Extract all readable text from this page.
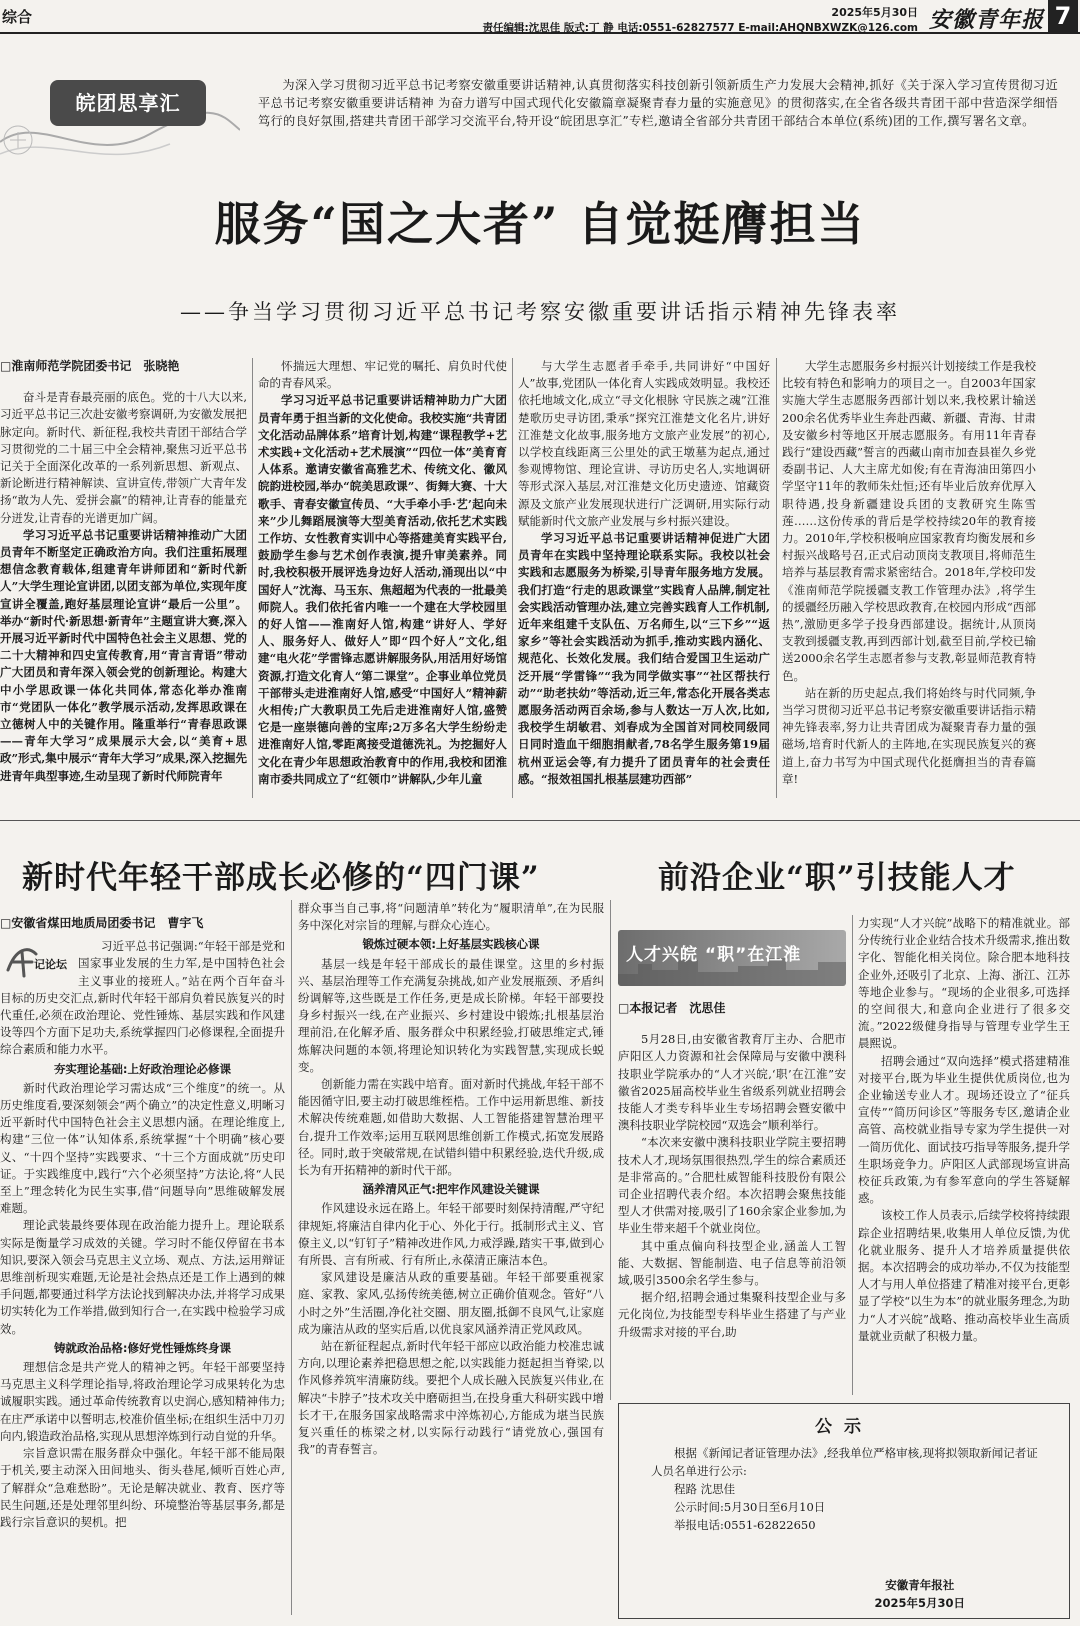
综合	2025年5月30日
责任编辑:沈思佳 版式:丁 静 电话:0551-62827577 E-mail:AHQNBXWZK@126.com 安徽青年报 7
皖团思享汇

为深入学习贯彻习近平总书记考察安徽重要讲话精神,认真贯彻落实科技创新引领新质生产力发展大会精神,抓好《关于深入学习宣传贯彻习近平总书记考察安徽重要讲话精神 为奋力谱写中国式现代化安徽篇章凝聚青春力量的实施意见》的贯彻落实,在全省各级共青团干部中营造深学细悟笃行的良好氛围,搭建共青团干部学习交流平台,特开设“皖团思享汇”专栏,邀请全省部分共青团干部结合本单位(系统)团的工作,撰写署名文章。

服务“国之大者” 自觉挺膺担当
——争当学习贯彻习近平总书记考察安徽重要讲话指示精神先锋表率

□淮南师范学院团委书记　张晓艳

奋斗是青春最亮丽的底色。党的十八大以来,习近平总书记三次赴安徽考察调研,为安徽发展把脉定向。新时代、新征程,我校共青团干部结合学习贯彻党的二十届三中全会精神,聚焦习近平总书记关于全面深化改革的一系列新思想、新观点、新论断进行精神解读、宣讲宣传,带领广大青年发扬“敢为人先、爱拼会赢”的精神,让青春的能量充分迸发,让青春的光谱更加广阔。

学习习近平总书记重要讲话精神推动广大团员青年不断坚定正确政治方向。我们注重拓展理想信念教育载体,组建青年讲师团和“新时代新人”大学生理论宣讲团,以团支部为单位,实现年度宣讲全覆盖,跑好基层理论宣讲“最后一公里”。举办“新时代·新思想·新青年”主题宣讲大赛,深入开展习近平新时代中国特色社会主义思想、党的二十大精神和四史宣传教育,用“青言青语”带动广大团员和青年深入领会党的创新理论。构建大中小学思政课一体化共同体,常态化举办淮南市“党团队一体化”教学展示活动,发挥思政课在立德树人中的关键作用。隆重举行“青春思政课——青年大学习”成果展示大会,以“美育+思政”形式,集中展示“青年大学习”成果,深入挖掘先进青年典型事迹,生动呈现了新时代师院青年

怀揣远大理想、牢记党的嘱托、肩负时代使命的青春风采。

学习习近平总书记重要讲话精神助力广大团员青年勇于担当新的文化使命。我校实施“共青团文化活动品牌体系”培育计划,构建“课程教学+艺术实践+文化活动+艺术展演”“四位一体”美育育人体系。邀请安徽省高雅艺术、传统文化、徽风皖韵进校园,举办“皖美思政课”、街舞大赛、十大歌手、青春安徽宣传员、“大手牵小手·艺’起向未来”少儿舞蹈展演等大型美育活动,依托艺术实践工作坊、女性教育实训中心等搭建美育实践平台,鼓励学生参与艺术创作表演,提升审美素养。同时,我校积极开展评选身边好人活动,涌现出以“中国好人”沈海、马玉东、焦超超为代表的一批最美师院人。我们依托省内唯一一个建在大学校园里的好人馆——淮南好人馆,构建“讲好人、学好人、服务好人、做好人”即“四个好人”文化,组建“电火花”学雷锋志愿讲解服务队,用活用好场馆资源,打造文化育人“第二课堂”。企事业单位党员干部带头走进淮南好人馆,感受“中国好人”精神薪火相传;广大教职员工先后走进淮南好人馆,盛赞它是一座崇德向善的宝库;2万多名大学生纷纷走进淮南好人馆,零距离接受道德洗礼。为挖掘好人文化在青少年思想政治教育中的作用,我校和团淮南市委共同成立了“红领巾”讲解队,少年儿童

与大学生志愿者手牵手,共同讲好“中国好人”故事,党团队一体化育人实践成效明显。我校还依托地域文化,成立“寻文化根脉 守民族之魂”江淮楚歌历史寻访团,秉承“探究江淮楚文化名片,讲好江淮楚文化故事,服务地方文旅产业发展”的初心,以学校直线距离三公里处的武王墩墓为起点,通过参观博物馆、理论宣讲、寻访历史名人,实地调研等形式深入基层,对江淮楚文化历史遗迹、馆藏资源及文旅产业发展现状进行广泛调研,用实际行动赋能新时代文旅产业发展与乡村振兴建设。

学习习近平总书记重要讲话精神促进广大团员青年在实践中坚持理论联系实际。我校以社会实践和志愿服务为桥梁,引导青年服务地方发展。我们打造“行走的思政课堂”实践育人品牌,制定社会实践活动管理办法,建立完善实践育人工作机制,近年来组建千支队伍、万名师生,以“三下乡”“返家乡”等社会实践活动为抓手,推动实践内涵化、规范化、长效化发展。我们结合爱国卫生运动广泛开展“学雷锋”“我为同学做实事”“社区帮扶行动”“助老扶幼”等活动,近三年,常态化开展各类志愿服务活动两百余场,参与人数达一万人次,比如,我校学生胡敏君、刘春成为全国首对同校同级同日同时造血干细胞捐献者,78名学生服务第19届杭州亚运会等,有力提升了团员青年的社会责任感。“报效祖国扎根基层建功西部”

大学生志愿服务乡村振兴计划接续工作是我校比较有特色和影响力的项目之一。自2003年国家实施大学生志愿服务西部计划以来,我校累计输送200余名优秀毕业生奔赴西藏、新疆、青海、甘肃及安徽乡村等地区开展志愿服务。有用11年青春践行“建设西藏”誓言的西藏山南市加查县崔久乡党委副书记、人大主席尤如俊;有在青海油田第四小学坚守11年的教师朱灶恒;还有毕业后放弃优厚入职待遇,投身新疆建设兵团的支教研究生陈雪莲……这份传承的背后是学校持续20年的教育接力。2010年,学校积极响应国家教育均衡发展和乡村振兴战略号召,正式启动顶岗支教项目,将师范生培养与基层教育需求紧密结合。2018年,学校印发《淮南师范学院援疆支教工作管理办法》,将学生的援疆经历融入学校思政教育,在校园内形成“西部热”,激励更多学子投身西部建设。据统计,从顶岗支教到援疆支教,再到西部计划,截至目前,学校已输送2000余名学生志愿者参与支教,彰显师范教育特色。

站在新的历史起点,我们将始终与时代同频,争当学习贯彻习近平总书记考察安徽重要讲话指示精神先锋表率,努力让共青团成为凝聚青春力量的强磁场,培育时代新人的主阵地,在实现民族复兴的赛道上,奋力书写为中国式现代化挺膺担当的青春篇章!

新时代年轻干部成长必修的“四门课”

□安徽省煤田地质局团委书记　曹宇飞

记论坛

习近平总书记强调:“年轻干部是党和国家事业发展的生力军,是中国特色社会主义事业的接班人。”站在两个百年奋斗目标的历史交汇点,新时代年轻干部肩负着民族复兴的时代重任,必须在政治理论、党性锤炼、基层实践和作风建设等四个方面下足功夫,系统掌握四门必修课程,全面提升综合素质和能力水平。

夯实理论基础:上好政治理论必修课

新时代政治理论学习需达成“三个维度”的统一。从历史维度看,要深刻领会“两个确立”的决定性意义,明晰习近平新时代中国特色社会主义思想内涵。在理论维度上,构建“三位一体”认知体系,系统掌握“十个明确”核心要义、“十四个坚持”实践要求、“十三个方面成就”历史印证。于实践维度中,践行“六个必须坚持”方法论,将“人民至上”理念转化为民生实事,借“问题导向”思维破解发展难题。

理论武装最终要体现在政治能力提升上。理论联系实际是衡量学习成效的关键。学习时不能仅停留在书本知识,要深入领会马克思主义立场、观点、方法,运用辩证思维剖析现实难题,无论是社会热点还是工作上遇到的棘手问题,都要通过科学方法论找到解决办法,并将学习成果切实转化为工作举措,做到知行合一,在实践中检验学习成效。

铸就政治品格:修好党性锤炼终身课

理想信念是共产党人的精神之钙。年轻干部要坚持马克思主义科学理论指导,将政治理论学习成果转化为忠诚履职实践。通过革命传统教育以史润心,感知精神伟力;在庄严承诺中以誓明志,校准价值坐标;在组织生活中刀刃向内,锻造政治品格,实现从思想淬炼到行动自觉的升华。

宗旨意识需在服务群众中强化。年轻干部不能局限于机关,要主动深入田间地头、街头巷尾,倾听百姓心声,了解群众“急难愁盼”。无论是解决就业、教育、医疗等民生问题,还是处理邻里纠纷、环境整治等基层事务,都是践行宗旨意识的契机。把

群众事当自己事,将“问题清单”转化为“履职清单”,在为民服务中深化对宗旨的理解,与群众心连心。

锻炼过硬本领:上好基层实践核心课

基层一线是年轻干部成长的最佳课堂。这里的乡村振兴、基层治理等工作充满复杂挑战,如产业发展瓶颈、矛盾纠纷调解等,这些既是工作任务,更是成长阶梯。年轻干部要投身乡村振兴一线,在产业振兴、乡村建设中锻炼;扎根基层治理前沿,在化解矛盾、服务群众中积累经验,打破思维定式,锤炼解决问题的本领,将理论知识转化为实践智慧,实现成长蜕变。

创新能力需在实践中培育。面对新时代挑战,年轻干部不能因循守旧,要主动打破思维桎梏。工作中运用新思维、新技术解决传统难题,如借助大数据、人工智能搭建智慧治理平台,提升工作效率;运用互联网思维创新工作模式,拓宽发展路径。同时,敢于突破常规,在试错纠错中积累经验,迭代升级,成长为有开拓精神的新时代干部。

涵养清风正气:把牢作风建设关键课

作风建设永远在路上。年轻干部要时刻保持清醒,严守纪律规矩,将廉洁自律内化于心、外化于行。抵制形式主义、官僚主义,以“钉钉子”精神改进作风,力戒浮躁,踏实干事,做到心有所畏、言有所戒、行有所止,永葆清正廉洁本色。

家风建设是廉洁从政的重要基础。年轻干部要重视家庭、家教、家风,弘扬传统美德,树立正确价值观念。管好“八小时之外”生活圈,净化社交圈、朋友圈,抵御不良风气,让家庭成为廉洁从政的坚实后盾,以优良家风涵养清正党风政风。

站在新征程起点,新时代年轻干部应以政治能力校准忠诚方向,以理论素养把稳思想之舵,以实践能力挺起担当脊梁,以作风修养筑牢清廉防线。要把个人成长融入民族复兴伟业,在解决“卡脖子”技术攻关中磨砺担当,在投身重大科研实践中增长才干,在服务国家战略需求中淬炼初心,方能成为堪当民族复兴重任的栋梁之材,以实际行动践行“请党放心,强国有我”的青春誓言。

前沿企业“职”引技能人才
人才兴皖 “职”在江淮

□本报记者　沈思佳

5月28日,由安徽省教育厅主办、合肥市庐阳区人力资源和社会保障局与安徽中澳科技职业学院承办的“人才兴皖,‘职’在江淮”安徽省2025届高校毕业生省级系列就业招聘会技能人才类专科毕业生专场招聘会暨安徽中澳科技职业学院校园“双选会”顺利举行。

“本次来安徽中澳科技职业学院主要招聘技术人才,现场氛围很热烈,学生的综合素质还是非常高的。”合肥杜威智能科技股份有限公司企业招聘代表介绍。本次招聘会聚焦技能型人才供需对接,吸引了160余家企业参加,为毕业生带来超千个就业岗位。

其中重点偏向科技型企业,涵盖人工智能、大数据、智能制造、电子信息等前沿领域,吸引3500余名学生参与。

据介绍,招聘会通过集聚科技型企业与多元化岗位,为技能型专科毕业生搭建了与产业升级需求对接的平台,助

力实现“人才兴皖”战略下的精准就业。部分传统行业企业结合技术升级需求,推出数字化、智能化相关岗位。除合肥本地科技企业外,还吸引了北京、上海、浙江、江苏等地企业参与。“现场的企业很多,可选择的空间很大,和意向企业进行了很多交流。”2022级健身指导与管理专业学生王晨熙说。

招聘会通过“双向选择”模式搭建精准对接平台,既为毕业生提供优质岗位,也为企业输送专业人才。现场还设立了“征兵宣传”“简历问诊区”等服务专区,邀请企业高管、高校就业指导专家为学生提供一对一简历优化、面试技巧指导等服务,提升学生职场竞争力。庐阳区人武部现场宣讲高校征兵政策,为有参军意向的学生答疑解惑。

该校工作人员表示,后续学校将持续跟踪企业招聘结果,收集用人单位反馈,为优化就业服务、提升人才培养质量提供依据。本次招聘会的成功举办,不仅为技能型人才与用人单位搭建了精准对接平台,更彰显了学校“以生为本”的就业服务理念,为助力“人才兴皖”战略、推动高校毕业生高质量就业贡献了积极力量。

公示

根据《新闻记者证管理办法》,经我单位严格审核,现将拟领取新闻记者证人员名单进行公示:

程路 沈思佳

公示时间:5月30日至6月10日

举报电话:0551-62822650

安徽青年报社
2025年5月30日
